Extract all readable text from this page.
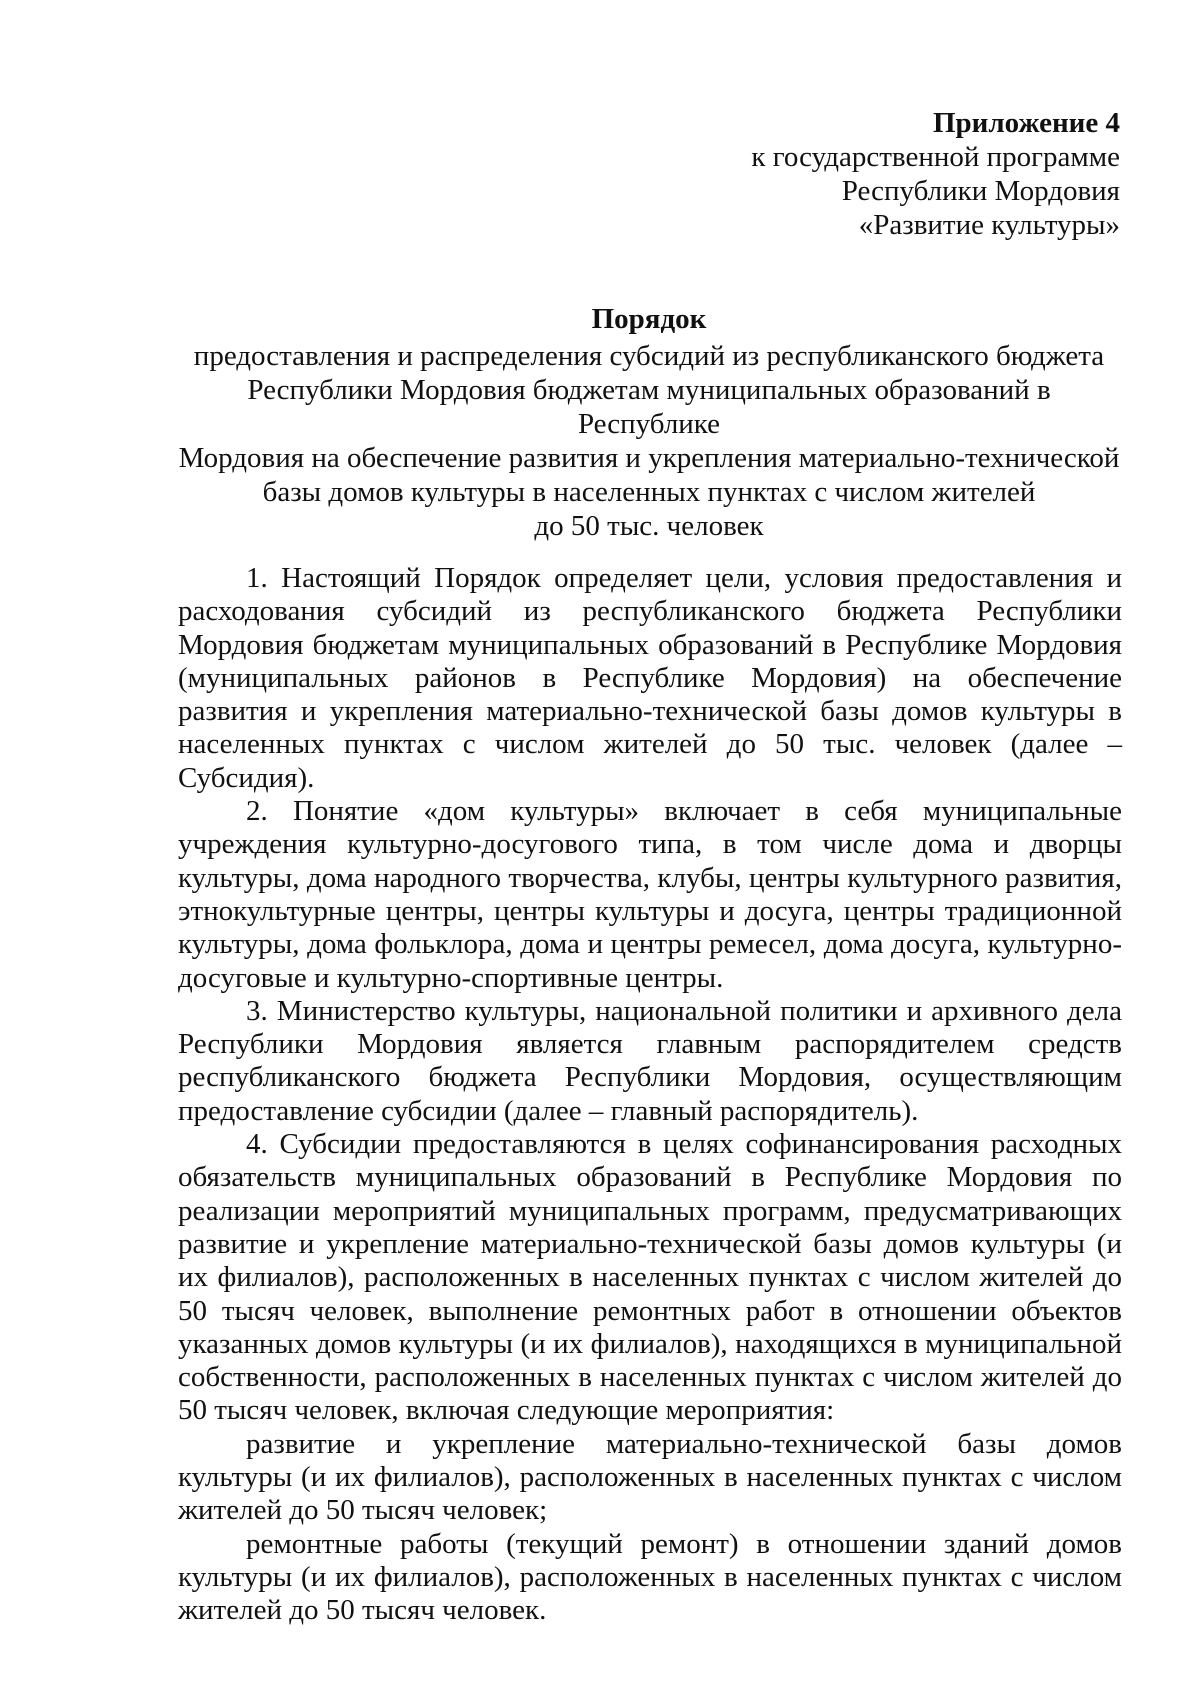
Приложение 4
к государственной программе
Республики Мордовия
«Развитие культуры»
Порядок
предоставления и распределения субсидий из республиканского бюджета
Республики Мордовия бюджетам муниципальных образований в Республике
Мордовия на обеспечение развития и укрепления материально-технической
базы домов культуры в населенных пунктах с числом жителей
до 50 тыс. человек

1. Настоящий Порядок определяет цели, условия предоставления и расходования субсидий из республиканского бюджета Республики Мордовия бюджетам муниципальных образований в Республике Мордовия (муниципальных районов в Республике Мордовия) на обеспечение развития и укрепления материально-технической базы домов культуры в населенных пунктах с числом жителей до 50 тыс. человек (далее – Субсидия).

2. Понятие «дом культуры» включает в себя муниципальные учреждения культурно-досугового типа, в том числе дома и дворцы культуры, дома народного творчества, клубы, центры культурного развития, этнокультурные центры, центры культуры и досуга, центры традиционной культуры, дома фольклора, дома и центры ремесел, дома досуга, культурно-досуговые и культурно-спортивные центры.

3. Министерство культуры, национальной политики и архивного дела Республики Мордовия является главным распорядителем средств республиканского бюджета Республики Мордовия, осуществляющим предоставление субсидии (далее – главный распорядитель).

4. Субсидии предоставляются в целях софинансирования расходных обязательств муниципальных образований в Республике Мордовия по реализации мероприятий муниципальных программ, предусматривающих развитие и укрепление материально-технической базы домов культуры (и их филиалов), расположенных в населенных пунктах с числом жителей до 50 тысяч человек, выполнение ремонтных работ в отношении объектов указанных домов культуры (и их филиалов), находящихся в муниципальной собственности, расположенных в населенных пунктах с числом жителей до 50 тысяч человек, включая следующие мероприятия:

развитие и укрепление материально-технической базы домов культуры (и их филиалов), расположенных в населенных пунктах с числом жителей до 50 тысяч человек;

ремонтные работы (текущий ремонт) в отношении зданий домов культуры (и их филиалов), расположенных в населенных пунктах с числом жителей до 50 тысяч человек.
